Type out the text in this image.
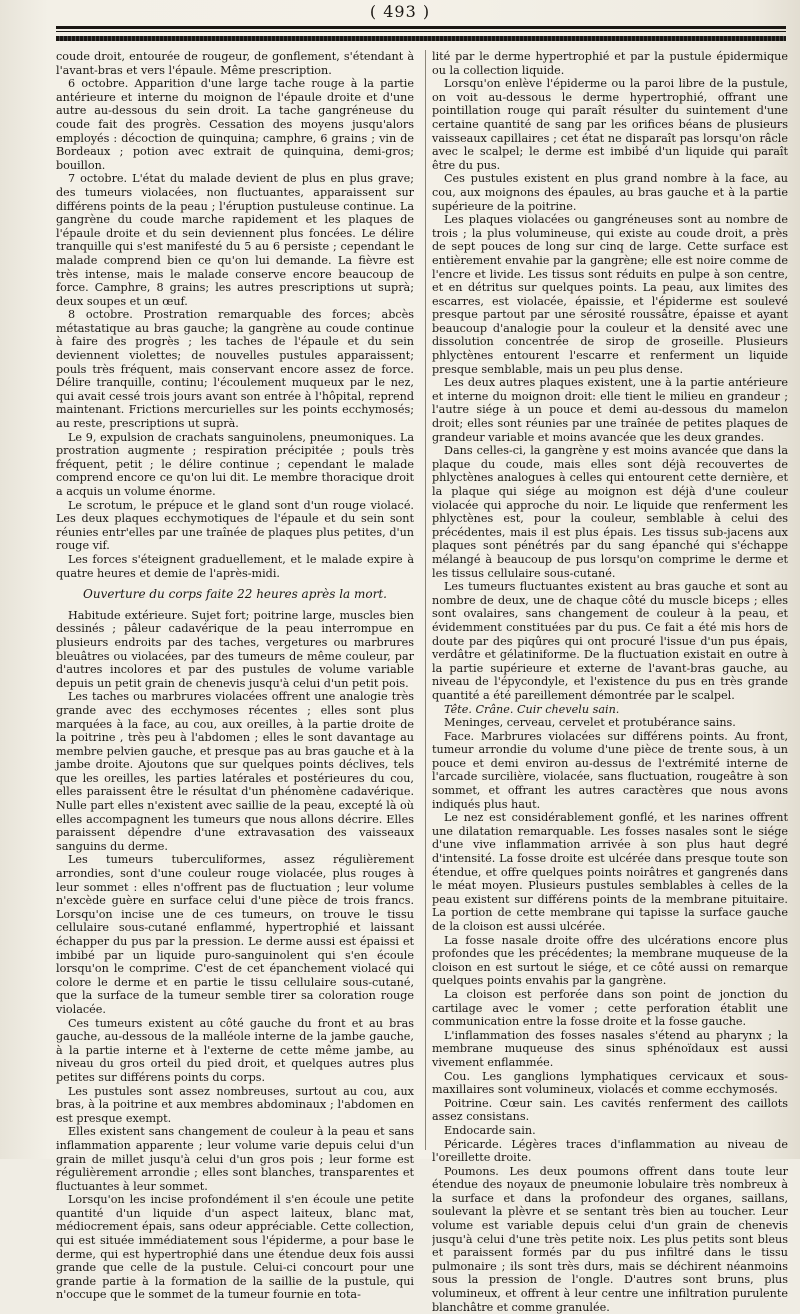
( 493 )

coude droit, entourée de rougeur, de gonflement, s'étendant à l'avant-bras et vers l'épaule. Même prescription.

6 octobre. Apparition d'une large tache rouge à la partie antérieure et interne du moignon de l'épaule droite et d'une autre au-dessous du sein droit. La tache gangréneuse du coude fait des progrès. Cessation des moyens jusqu'alors employés : décoction de quinquina; camphre, 6 grains ; vin de Bordeaux ; potion avec extrait de quinquina, demi-gros; bouillon.

7 octobre. L'état du malade devient de plus en plus grave; des tumeurs violacées, non fluctuantes, apparaissent sur différens points de la peau ; l'éruption pustuleuse continue. La gangrène du coude marche rapidement et les plaques de l'épaule droite et du sein deviennent plus foncées. Le délire tranquille qui s'est manifesté du 5 au 6 persiste ; cependant le malade comprend bien ce qu'on lui demande. La fièvre est très intense, mais le malade conserve encore beaucoup de force. Camphre, 8 grains; les autres prescriptions ut suprà; deux soupes et un œuf.

8 octobre. Prostration remarquable des forces; abcès métastatique au bras gauche; la gangrène au coude continue à faire des progrès ; les taches de l'épaule et du sein deviennent violettes; de nouvelles pustules apparaissent; pouls très fréquent, mais conservant encore assez de force. Délire tranquille, continu; l'écoulement muqueux par le nez, qui avait cessé trois jours avant son entrée à l'hôpital, reprend maintenant. Frictions mercurielles sur les points ecchymosés; au reste, prescriptions ut suprà.

Le 9, expulsion de crachats sanguinolens, pneumoniques. La prostration augmente ; respiration précipitée ; pouls très fréquent, petit ; le délire continue ; cependant le malade comprend encore ce qu'on lui dit. Le membre thoracique droit a acquis un volume énorme.

Le scrotum, le prépuce et le gland sont d'un rouge violacé. Les deux plaques ecchymotiques de l'épaule et du sein sont réunies entr'elles par une traînée de plaques plus petites, d'un rouge vif.

Les forces s'éteignent graduellement, et le malade expire à quatre heures et demie de l'après-midi.

Ouverture du corps faite 22 heures après la mort.

Habitude extérieure. Sujet fort; poitrine large, muscles bien dessinés ; pâleur cadavérique de la peau interrompue en plusieurs endroits par des taches, vergetures ou marbrures bleuâtres ou violacées, par des tumeurs de même couleur, par d'autres incolores et par des pustules de volume variable depuis un petit grain de chenevis jusqu'à celui d'un petit pois.

Les taches ou marbrures violacées offrent une analogie très grande avec des ecchymoses récentes ; elles sont plus marquées à la face, au cou, aux oreilles, à la partie droite de la poitrine , très peu à l'abdomen ; elles le sont davantage au membre pelvien gauche, et presque pas au bras gauche et à la jambe droite. Ajoutons que sur quelques points déclives, tels que les oreilles, les parties latérales et postérieures du cou, elles paraissent être le résultat d'un phénomène cadavérique. Nulle part elles n'existent avec saillie de la peau, excepté là où elles accompagnent les tumeurs que nous allons décrire. Elles paraissent dépendre d'une extravasation des vaisseaux sanguins du derme.

Les tumeurs tuberculiformes, assez régulièrement arrondies, sont d'une couleur rouge violacée, plus rouges à leur sommet : elles n'offrent pas de fluctuation ; leur volume n'excède guère en surface celui d'une pièce de trois francs. Lorsqu'on incise une de ces tumeurs, on trouve le tissu cellulaire sous-cutané enflammé, hypertrophié et laissant échapper du pus par la pression. Le derme aussi est épaissi et imbibé par un liquide puro-sanguinolent qui s'en écoule lorsqu'on le comprime. C'est de cet épanchement violacé qui colore le derme et en partie le tissu cellulaire sous-cutané, que la surface de la tumeur semble tirer sa coloration rouge violacée.

Ces tumeurs existent au côté gauche du front et au bras gauche, au-dessous de la malléole interne de la jambe gauche, à la partie interne et à l'externe de cette même jambe, au niveau du gros orteil du pied droit, et quelques autres plus petites sur différens points du corps.

Les pustules sont assez nombreuses, surtout au cou, aux bras, à la poitrine et aux membres abdominaux ; l'abdomen en est presque exempt.

Elles existent sans changement de couleur à la peau et sans inflammation apparente ; leur volume varie depuis celui d'un grain de millet jusqu'à celui d'un gros pois ; leur forme est régulièrement arrondie ; elles sont blanches, transparentes et fluctuantes à leur sommet.

Lorsqu'on les incise profondément il s'en écoule une petite quantité d'un liquide d'un aspect laiteux, blanc mat, médiocrement épais, sans odeur appréciable. Cette collection, qui est située immédiatement sous l'épiderme, a pour base le derme, qui est hypertrophié dans une étendue deux fois aussi grande que celle de la pustule. Celui-ci concourt pour une grande partie à la formation de la saillie de la pustule, qui n'occupe que le sommet de la tumeur fournie en tota-

lité par le derme hypertrophié et par la pustule épidermique ou la collection liquide.

Lorsqu'on enlève l'épiderme ou la paroi libre de la pustule, on voit au-dessous le derme hypertrophié, offrant une pointillation rouge qui paraît résulter du suintement d'une certaine quantité de sang par les orifices béans de plusieurs vaisseaux capillaires ; cet état ne disparaît pas lorsqu'on râcle avec le scalpel; le derme est imbibé d'un liquide qui paraît être du pus.

Ces pustules existent en plus grand nombre à la face, au cou, aux moignons des épaules, au bras gauche et à la partie supérieure de la poitrine.

Les plaques violacées ou gangréneuses sont au nombre de trois ; la plus volumineuse, qui existe au coude droit, a près de sept pouces de long sur cinq de large. Cette surface est entièrement envahie par la gangrène; elle est noire comme de l'encre et livide. Les tissus sont réduits en pulpe à son centre, et en détritus sur quelques points. La peau, aux limites des escarres, est violacée, épaissie, et l'épiderme est soulevé presque partout par une sérosité roussâtre, épaisse et ayant beaucoup d'analogie pour la couleur et la densité avec une dissolution concentrée de sirop de groseille. Plusieurs phlyctènes entourent l'escarre et renferment un liquide presque semblable, mais un peu plus dense.

Les deux autres plaques existent, une à la partie antérieure et interne du moignon droit: elle tient le milieu en grandeur ; l'autre siége à un pouce et demi au-dessous du mamelon droit; elles sont réunies par une traînée de petites plaques de grandeur variable et moins avancée que les deux grandes.

Dans celles-ci, la gangrène y est moins avancée que dans la plaque du coude, mais elles sont déjà recouvertes de phlyctènes analogues à celles qui entourent cette dernière, et la plaque qui siége au moignon est déjà d'une couleur violacée qui approche du noir. Le liquide que renferment les phlyctènes est, pour la couleur, semblable à celui des précédentes, mais il est plus épais. Les tissus sub-jacens aux plaques sont pénétrés par du sang épanché qui s'échappe mélangé à beaucoup de pus lorsqu'on comprime le derme et les tissus cellulaire sous-cutané.

Les tumeurs fluctuantes existent au bras gauche et sont au nombre de deux, une de chaque côté du muscle biceps ; elles sont ovalaires, sans changement de couleur à la peau, et évidemment constituées par du pus. Ce fait a été mis hors de doute par des piqûres qui ont procuré l'issue d'un pus épais, verdâtre et gélatiniforme. De la fluctuation existait en outre à la partie supérieure et externe de l'avant-bras gauche, au niveau de l'épycondyle, et l'existence du pus en très grande quantité a été pareillement démontrée par le scalpel.

Tête. Crâne. Cuir chevelu sain.

Meninges, cerveau, cervelet et protubérance sains.

Face. Marbrures violacées sur différens points. Au front, tumeur arrondie du volume d'une pièce de trente sous, à un pouce et demi environ au-dessus de l'extrémité interne de l'arcade surcilière, violacée, sans fluctuation, rougeâtre à son sommet, et offrant les autres caractères que nous avons indiqués plus haut.

Le nez est considérablement gonflé, et les narines offrent une dilatation remarquable. Les fosses nasales sont le siége d'une vive inflammation arrivée à son plus haut degré d'intensité. La fosse droite est ulcérée dans presque toute son étendue, et offre quelques points noirâtres et gangrenés dans le méat moyen. Plusieurs pustules semblables à celles de la peau existent sur différens points de la membrane pituitaire. La portion de cette membrane qui tapisse la surface gauche de la cloison est aussi ulcérée.

La fosse nasale droite offre des ulcérations encore plus profondes que les précédentes; la membrane muqueuse de la cloison en est surtout le siége, et ce côté aussi on remarque quelques points envahis par la gangrène.

La cloison est perforée dans son point de jonction du cartilage avec le vomer ; cette perforation établit une communication entre la fosse droite et la fosse gauche.

L'inflammation des fosses nasales s'étend au pharynx ; la membrane muqueuse des sinus sphénoïdaux est aussi vivement enflammée.

Cou. Les ganglions lymphatiques cervicaux et sous-maxillaires sont volumineux, violacés et comme ecchymosés.

Poitrine. Cœur sain. Les cavités renferment des caillots assez consistans.

Endocarde sain.

Péricarde. Légères traces d'inflammation au niveau de l'oreillette droite.

Poumons. Les deux poumons offrent dans toute leur étendue des noyaux de pneumonie lobulaire très nombreux à la surface et dans la profondeur des organes, saillans, soulevant la plèvre et se sentant très bien au toucher. Leur volume est variable depuis celui d'un grain de chenevis jusqu'à celui d'une très petite noix. Les plus petits sont bleus et paraissent formés par du pus infiltré dans le tissu pulmonaire ; ils sont très durs, mais se déchirent néanmoins sous la pression de l'ongle. D'autres sont bruns, plus volumineux, et offrent à leur centre une infiltration purulente blanchâtre et comme granulée.
